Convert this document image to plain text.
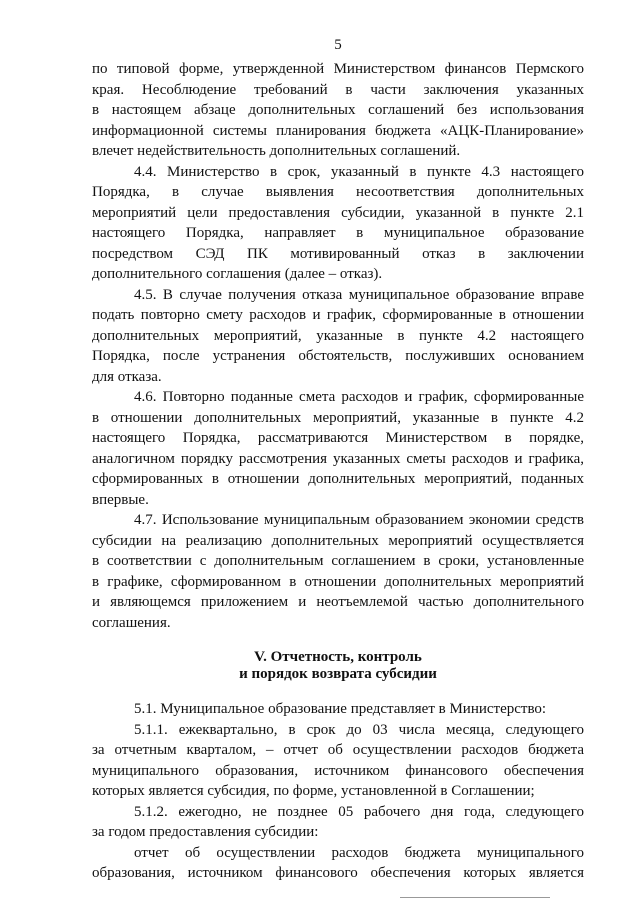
5
по типовой форме, утвержденной Министерством финансов Пермского
края. Несоблюдение требований в части заключения указанных
в настоящем абзаце дополнительных соглашений без использования
информационной системы планирования бюджета «АЦК-Планирование»
влечет недействительность дополнительных соглашений.
4.4. Министерство в срок, указанный в пункте 4.3 настоящего
Порядка, в случае выявления несоответствия дополнительных
мероприятий цели предоставления субсидии, указанной в пункте 2.1
настоящего Порядка, направляет в муниципальное образование
посредством СЭД ПК мотивированный отказ в заключении
дополнительного соглашения (далее – отказ).
4.5. В случае получения отказа муниципальное образование вправе
подать повторно смету расходов и график, сформированные в отношении
дополнительных мероприятий, указанные в пункте 4.2 настоящего
Порядка, после устранения обстоятельств, послуживших основанием
для отказа.
4.6. Повторно поданные смета расходов и график, сформированные
в отношении дополнительных мероприятий, указанные в пункте 4.2
настоящего Порядка, рассматриваются Министерством в порядке,
аналогичном порядку рассмотрения указанных сметы расходов и графика,
сформированных в отношении дополнительных мероприятий, поданных
впервые.
4.7. Использование муниципальным образованием экономии средств
субсидии на реализацию дополнительных мероприятий осуществляется
в соответствии с дополнительным соглашением в сроки, установленные
в графике, сформированном в отношении дополнительных мероприятий
и являющемся приложением и неотъемлемой частью дополнительного
соглашения.
V. Отчетность, контроль
и порядок возврата субсидии
5.1. Муниципальное образование представляет в Министерство:
5.1.1. ежеквартально, в срок до 03 числа месяца, следующего
за отчетным кварталом, – отчет об осуществлении расходов бюджета
муниципального образования, источником финансового обеспечения
которых является субсидия, по форме, установленной в Соглашении;
5.1.2. ежегодно, не позднее 05 рабочего дня года, следующего
за годом предоставления субсидии:
отчет об осуществлении расходов бюджета муниципального
образования, источником финансового обеспечения которых является
